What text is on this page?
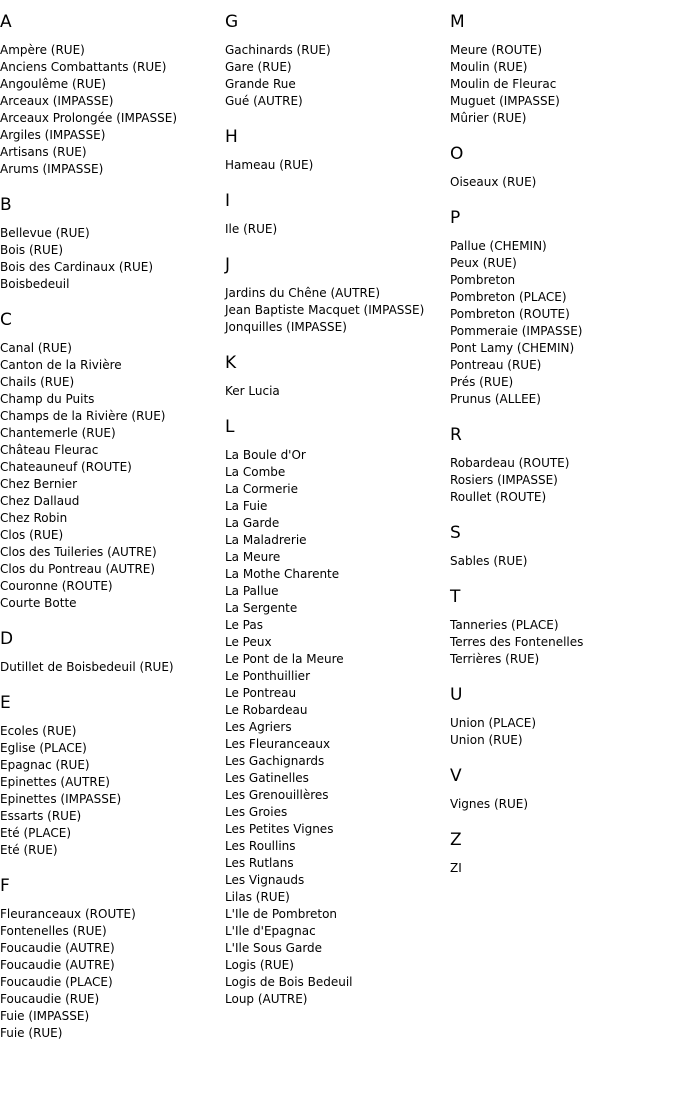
A
Ampère (RUE)
Anciens Combattants (RUE)
Angoulême (RUE)
Arceaux (IMPASSE)
Arceaux Prolongée (IMPASSE)
Argiles (IMPASSE)
Artisans (RUE)
Arums (IMPASSE)
B
Bellevue (RUE)
Bois (RUE)
Bois des Cardinaux (RUE)
Boisbedeuil
C
Canal (RUE)
Canton de la Rivière
Chails (RUE)
Champ du Puits
Champs de la Rivière (RUE)
Chantemerle (RUE)
Château Fleurac
Chateauneuf (ROUTE)
Chez Bernier
Chez Dallaud
Chez Robin
Clos (RUE)
Clos des Tuileries (AUTRE)
Clos du Pontreau (AUTRE)
Couronne (ROUTE)
Courte Botte
D
Dutillet de Boisbedeuil (RUE)
E
Ecoles (RUE)
Eglise (PLACE)
Epagnac (RUE)
Epinettes (AUTRE)
Epinettes (IMPASSE)
Essarts (RUE)
Eté (PLACE)
Eté (RUE)
F
Fleuranceaux (ROUTE)
Fontenelles (RUE)
Foucaudie (AUTRE)
Foucaudie (AUTRE)
Foucaudie (PLACE)
Foucaudie (RUE)
Fuie (IMPASSE)
Fuie (RUE)
G
Gachinards (RUE)
Gare (RUE)
Grande Rue
Gué (AUTRE)
H
Hameau (RUE)
I
Ile (RUE)
J
Jardins du Chêne (AUTRE)
Jean Baptiste Macquet (IMPASSE)
Jonquilles (IMPASSE)
K
Ker Lucia
L
La Boule d'Or
La Combe
La Cormerie
La Fuie
La Garde
La Maladrerie
La Meure
La Mothe Charente
La Pallue
La Sergente
Le Pas
Le Peux
Le Pont de la Meure
Le Ponthuillier
Le Pontreau
Le Robardeau
Les Agriers
Les Fleuranceaux
Les Gachignards
Les Gatinelles
Les Grenouillères
Les Groies
Les Petites Vignes
Les Roullins
Les Rutlans
Les Vignauds
Lilas (RUE)
L'Ile de Pombreton
L'Ile d'Epagnac
L'Ile Sous Garde
Logis (RUE)
Logis de Bois Bedeuil
Loup (AUTRE)
M
Meure (ROUTE)
Moulin (RUE)
Moulin de Fleurac
Muguet (IMPASSE)
Mûrier (RUE)
O
Oiseaux (RUE)
P
Pallue (CHEMIN)
Peux (RUE)
Pombreton
Pombreton (PLACE)
Pombreton (ROUTE)
Pommeraie (IMPASSE)
Pont Lamy (CHEMIN)
Pontreau (RUE)
Prés (RUE)
Prunus (ALLEE)
R
Robardeau (ROUTE)
Rosiers (IMPASSE)
Roullet (ROUTE)
S
Sables (RUE)
T
Tanneries (PLACE)
Terres des Fontenelles
Terrières (RUE)
U
Union (PLACE)
Union (RUE)
V
Vignes (RUE)
Z
ZI
